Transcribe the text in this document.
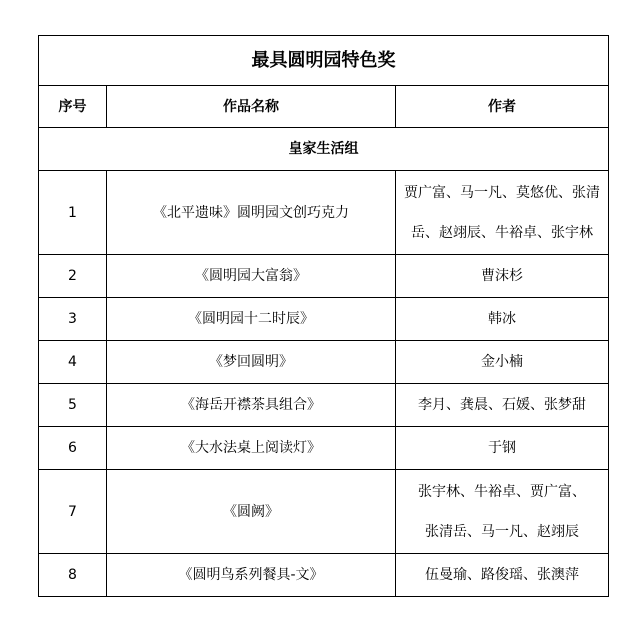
最具圆明园特色奖		
序号	作品名称	作者
皇家生活组		
1	《北平遗味》圆明园文创巧克力	贾广富、马一凡、莫悠优、张清
岳、赵翊辰、牛裕卓、张宇林

2	《圆明园大富翁》	曹沫杉
3	《圆明园十二时辰》	韩冰
4	《梦回圆明》	金小楠
5	《海岳开襟茶具组合》	李月、龚晨、石媛、张梦甜
6	《大水法桌上阅读灯》	于钢
7	《圆阙》	张宇林、牛裕卓、贾广富、
张清岳、马一凡、赵翊辰

8	《圆明鸟系列餐具-文》	伍曼瑜、路俊瑶、张澳萍
